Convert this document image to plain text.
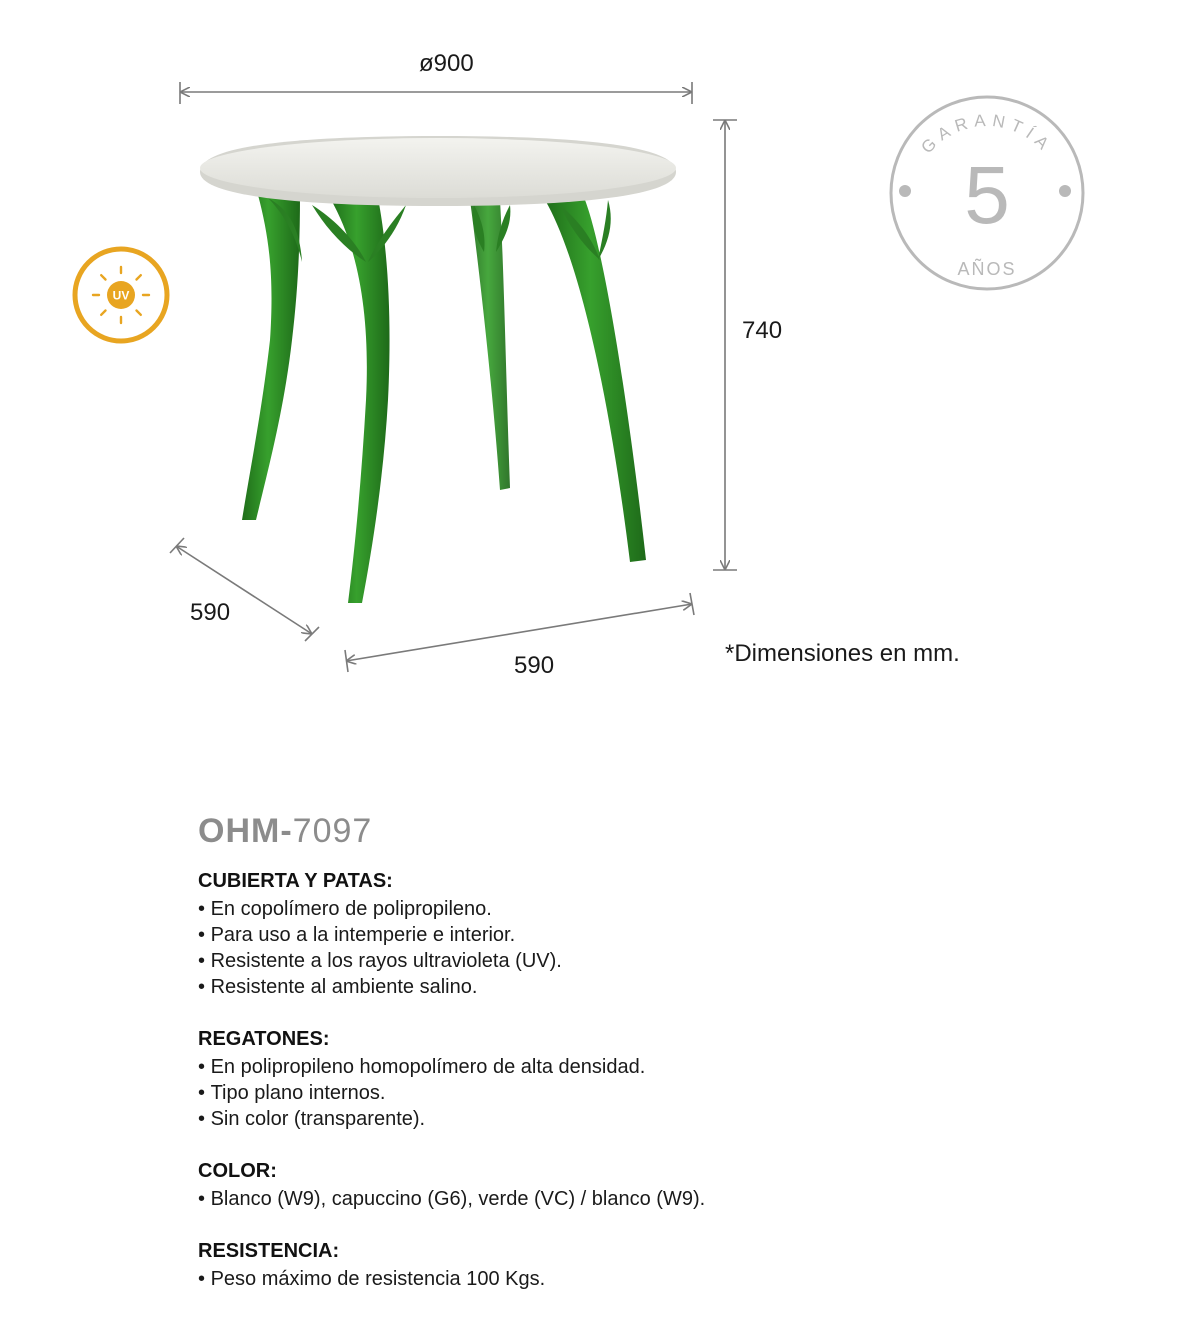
UV
GARANTÍA
5
AÑOS
ø900
740
590
590	*Dimensiones en mm.
OHM-7097
CUBIERTA Y PATAS:
• En copolímero de polipropileno.
• Para uso a la intemperie e interior.
• Resistente a los rayos ultravioleta (UV).
• Resistente al ambiente salino.
REGATONES:
• En polipropileno homopolímero de alta densidad.
• Tipo plano internos.
• Sin color (transparente).
COLOR:
• Blanco (W9), capuccino (G6), verde (VC) / blanco (W9).
RESISTENCIA:
• Peso máximo de resistencia 100 Kgs.
